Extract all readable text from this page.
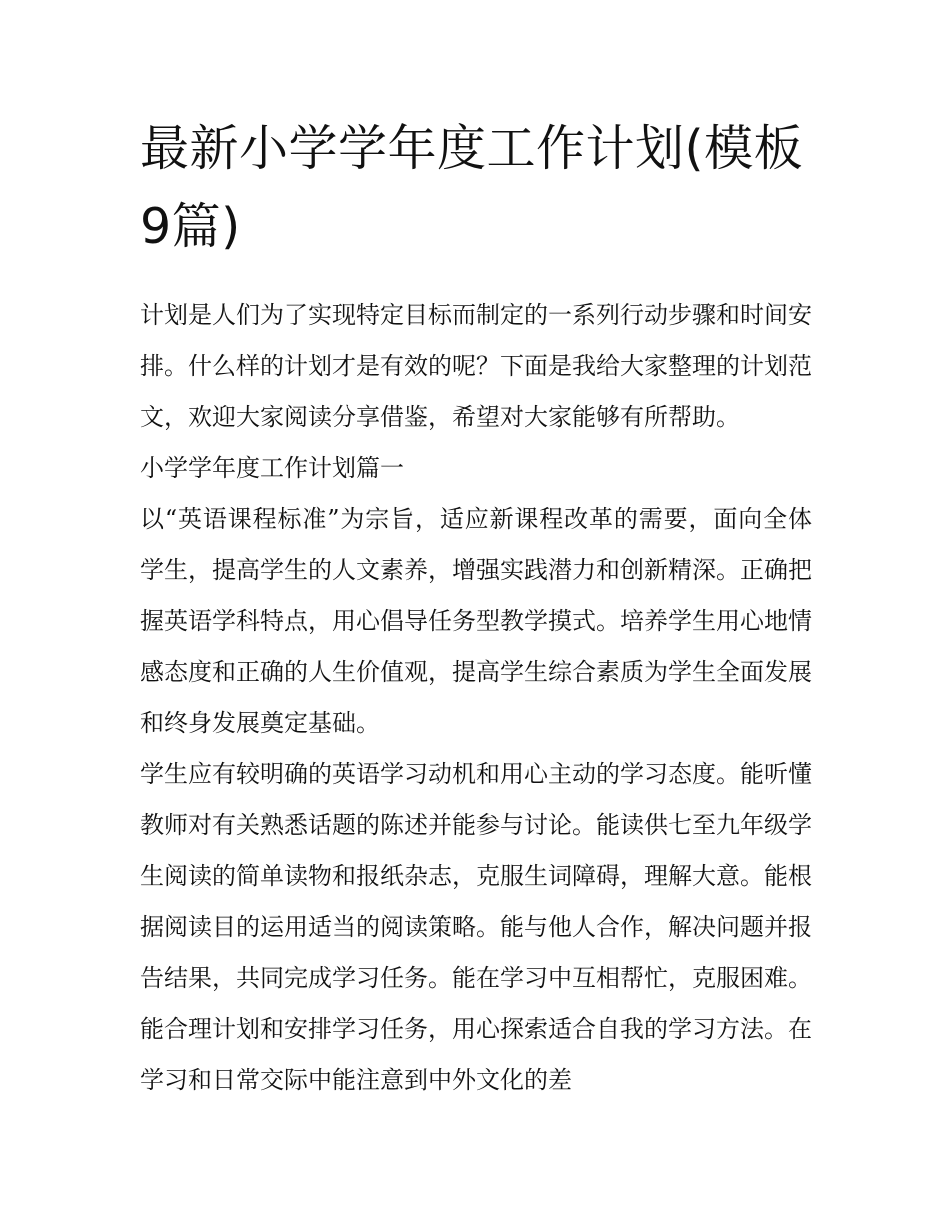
最新小学学年度工作计划(模板9篇)

计划是人们为了实现特定目标而制定的一系列行动步骤和时间安排。什么样的计划才是有效的呢？下面是我给大家整理的计划范文，欢迎大家阅读分享借鉴，希望对大家能够有所帮助。

小学学年度工作计划篇一

以“英语课程标准”为宗旨，适应新课程改革的需要，面向全体学生，提高学生的人文素养，增强实践潜力和创新精深。正确把握英语学科特点，用心倡导任务型教学摸式。培养学生用心地情感态度和正确的人生价值观，提高学生综合素质为学生全面发展和终身发展奠定基础。

学生应有较明确的英语学习动机和用心主动的学习态度。能听懂教师对有关熟悉话题的陈述并能参与讨论。能读供七至九年级学生阅读的简单读物和报纸杂志，克服生词障碍，理解大意。能根据阅读目的运用适当的阅读策略。能与他人合作，解决问题并报告结果，共同完成学习任务。能在学习中互相帮忙，克服困难。能合理计划和安排学习任务，用心探索适合自我的学习方法。在学习和日常交际中能注意到中外文化的差
